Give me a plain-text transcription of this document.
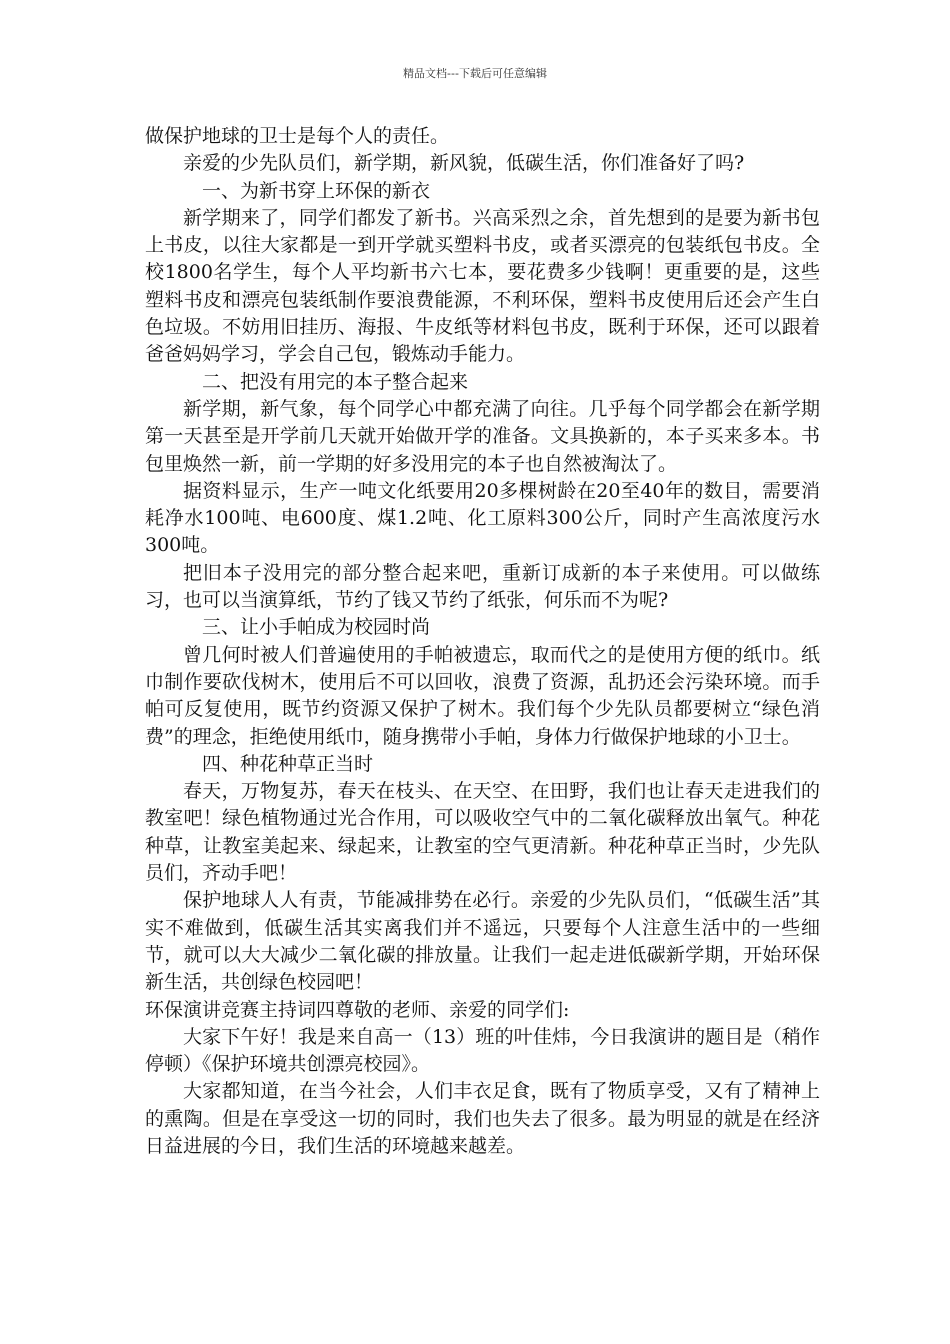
精品文档---下载后可任意编辑

做保护地球的卫士是每个人的责任。

亲爱的少先队员们，新学期，新风貌，低碳生活，你们准备好了吗?

一、为新书穿上环保的新衣

新学期来了，同学们都发了新书。兴高采烈之余，首先想到的是要为新书包上书皮，以往大家都是一到开学就买塑料书皮，或者买漂亮的包装纸包书皮。全校1800名学生，每个人平均新书六七本，要花费多少钱啊！更重要的是，这些塑料书皮和漂亮包装纸制作要浪费能源，不利环保，塑料书皮使用后还会产生白色垃圾。不妨用旧挂历、海报、牛皮纸等材料包书皮，既利于环保，还可以跟着爸爸妈妈学习，学会自己包，锻炼动手能力。

二、把没有用完的本子整合起来

新学期，新气象，每个同学心中都充满了向往。几乎每个同学都会在新学期第一天甚至是开学前几天就开始做开学的准备。文具换新的，本子买来多本。书包里焕然一新，前一学期的好多没用完的本子也自然被淘汰了。

据资料显示，生产一吨文化纸要用20多棵树龄在20至40年的数目，需要消耗净水100吨、电600度、煤1.2吨、化工原料300公斤，同时产生高浓度污水300吨。

把旧本子没用完的部分整合起来吧，重新订成新的本子来使用。可以做练习，也可以当演算纸，节约了钱又节约了纸张，何乐而不为呢?

三、让小手帕成为校园时尚

曾几何时被人们普遍使用的手帕被遗忘，取而代之的是使用方便的纸巾。纸巾制作要砍伐树木，使用后不可以回收，浪费了资源，乱扔还会污染环境。而手帕可反复使用，既节约资源又保护了树木。我们每个少先队员都要树立“绿色消费”的理念，拒绝使用纸巾，随身携带小手帕，身体力行做保护地球的小卫士。

四、种花种草正当时

春天，万物复苏，春天在枝头、在天空、在田野，我们也让春天走进我们的教室吧！绿色植物通过光合作用，可以吸收空气中的二氧化碳释放出氧气。种花种草，让教室美起来、绿起来，让教室的空气更清新。种花种草正当时，少先队员们，齐动手吧！

保护地球人人有责，节能减排势在必行。亲爱的少先队员们，“低碳生活”其实不难做到，低碳生活其实离我们并不遥远，只要每个人注意生活中的一些细节，就可以大大减少二氧化碳的排放量。让我们一起走进低碳新学期，开始环保新生活，共创绿色校园吧！

环保演讲竞赛主持词四尊敬的老师、亲爱的同学们:

大家下午好！我是来自高一（13）班的叶佳炜，今日我演讲的题目是（稍作停顿）《保护环境共创漂亮校园》。

大家都知道，在当今社会，人们丰衣足食，既有了物质享受，又有了精神上的熏陶。但是在享受这一切的同时，我们也失去了很多。最为明显的就是在经济日益进展的今日，我们生活的环境越来越差。
